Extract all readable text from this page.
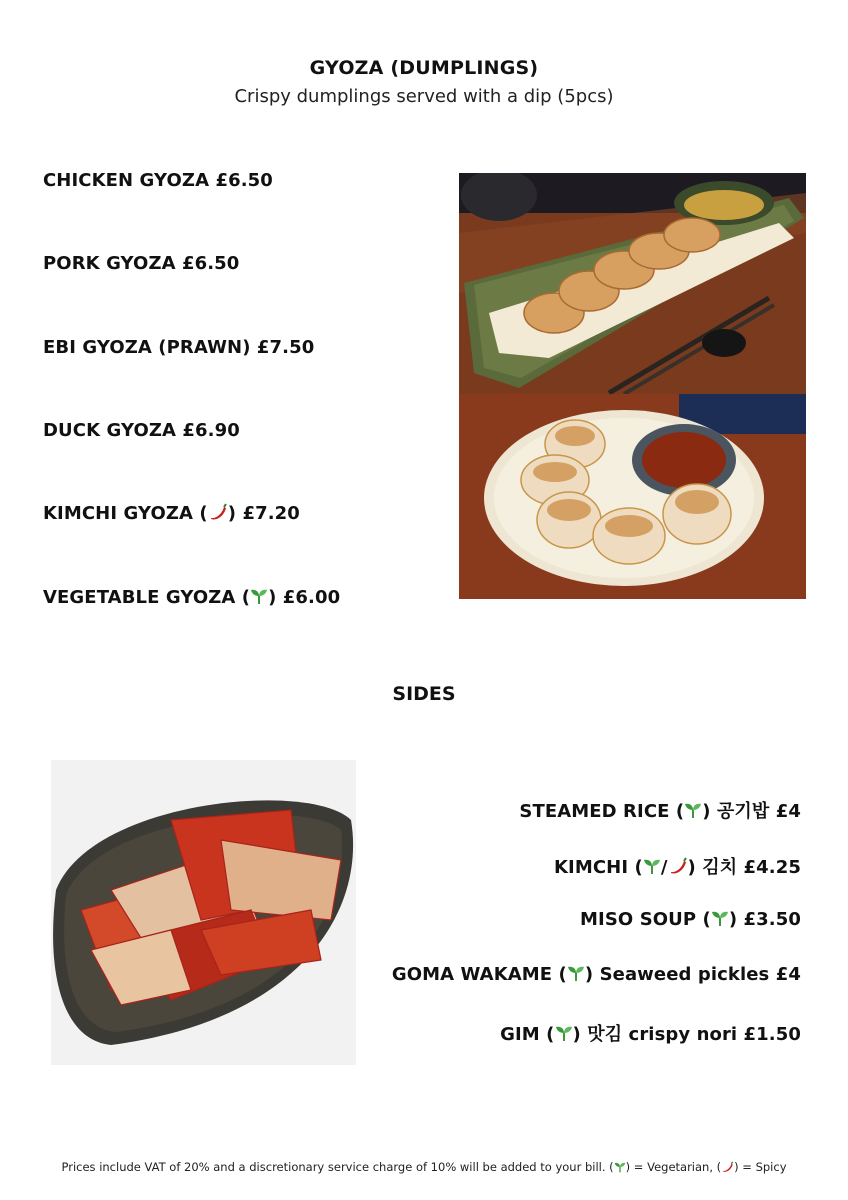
GYOZA (DUMPLINGS)
Crispy dumplings served with a dip (5pcs)
CHICKEN GYOZA £6.50
PORK GYOZA £6.50
EBI GYOZA (PRAWN) £7.50
DUCK GYOZA £6.90
KIMCHI GYOZA ( ) £7.20
VEGETABLE GYOZA ( ) £6.00
SIDES
STEAMED RICE ( ) 공기밥 £4
KIMCHI ( / ) 김치 £4.25
MISO SOUP ( ) £3.50
GOMA WAKAME ( ) Seaweed pickles £4
GIM ( ) 맛김 crispy nori £1.50
Prices include VAT of 20% and a discretionary service charge of 10% will be added to your bill. ( ) = Vegetarian, ( ) = Spicy
